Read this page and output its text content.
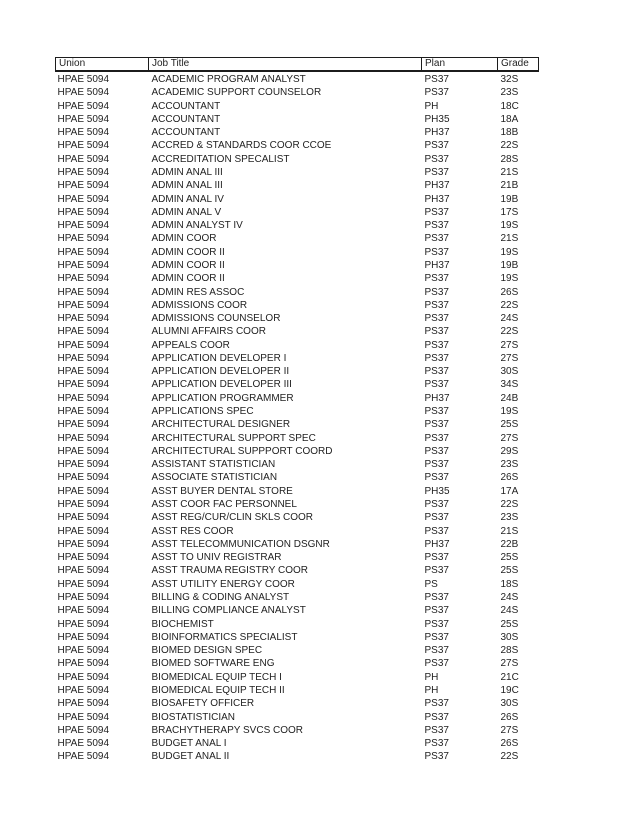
Union	Job Title	Plan	Grade
HPAE 5094	ACADEMIC PROGRAM ANALYST	PS37	32S
HPAE 5094	ACADEMIC SUPPORT COUNSELOR	PS37	23S
HPAE 5094	ACCOUNTANT	PH	18C
HPAE 5094	ACCOUNTANT	PH35	18A
HPAE 5094	ACCOUNTANT	PH37	18B
HPAE 5094	ACCRED & STANDARDS COOR CCOE	PS37	22S
HPAE 5094	ACCREDITATION SPECALIST	PS37	28S
HPAE 5094	ADMIN ANAL III	PS37	21S
HPAE 5094	ADMIN ANAL III	PH37	21B
HPAE 5094	ADMIN ANAL IV	PH37	19B
HPAE 5094	ADMIN ANAL V	PS37	17S
HPAE 5094	ADMIN ANALYST IV	PS37	19S
HPAE 5094	ADMIN COOR	PS37	21S
HPAE 5094	ADMIN COOR II	PS37	19S
HPAE 5094	ADMIN COOR II	PH37	19B
HPAE 5094	ADMIN COOR II	PS37	19S
HPAE 5094	ADMIN RES ASSOC	PS37	26S
HPAE 5094	ADMISSIONS COOR	PS37	22S
HPAE 5094	ADMISSIONS COUNSELOR	PS37	24S
HPAE 5094	ALUMNI AFFAIRS COOR	PS37	22S
HPAE 5094	APPEALS COOR	PS37	27S
HPAE 5094	APPLICATION DEVELOPER I	PS37	27S
HPAE 5094	APPLICATION DEVELOPER II	PS37	30S
HPAE 5094	APPLICATION DEVELOPER III	PS37	34S
HPAE 5094	APPLICATION PROGRAMMER	PH37	24B
HPAE 5094	APPLICATIONS SPEC	PS37	19S
HPAE 5094	ARCHITECTURAL DESIGNER	PS37	25S
HPAE 5094	ARCHITECTURAL SUPPORT SPEC	PS37	27S
HPAE 5094	ARCHITECTURAL SUPPPORT COORD	PS37	29S
HPAE 5094	ASSISTANT STATISTICIAN	PS37	23S
HPAE 5094	ASSOCIATE STATISTICIAN	PS37	26S
HPAE 5094	ASST BUYER DENTAL STORE	PH35	17A
HPAE 5094	ASST COOR FAC PERSONNEL	PS37	22S
HPAE 5094	ASST REG/CUR/CLIN SKLS COOR	PS37	23S
HPAE 5094	ASST RES COOR	PS37	21S
HPAE 5094	ASST TELECOMMUNICATION DSGNR	PH37	22B
HPAE 5094	ASST TO UNIV REGISTRAR	PS37	25S
HPAE 5094	ASST TRAUMA REGISTRY COOR	PS37	25S
HPAE 5094	ASST UTILITY ENERGY COOR	PS	18S
HPAE 5094	BILLING & CODING ANALYST	PS37	24S
HPAE 5094	BILLING COMPLIANCE ANALYST	PS37	24S
HPAE 5094	BIOCHEMIST	PS37	25S
HPAE 5094	BIOINFORMATICS SPECIALIST	PS37	30S
HPAE 5094	BIOMED DESIGN SPEC	PS37	28S
HPAE 5094	BIOMED SOFTWARE ENG	PS37	27S
HPAE 5094	BIOMEDICAL EQUIP TECH I	PH	21C
HPAE 5094	BIOMEDICAL EQUIP TECH II	PH	19C
HPAE 5094	BIOSAFETY OFFICER	PS37	30S
HPAE 5094	BIOSTATISTICIAN	PS37	26S
HPAE 5094	BRACHYTHERAPY SVCS COOR	PS37	27S
HPAE 5094	BUDGET ANAL I	PS37	26S
HPAE 5094	BUDGET ANAL II	PS37	22S
